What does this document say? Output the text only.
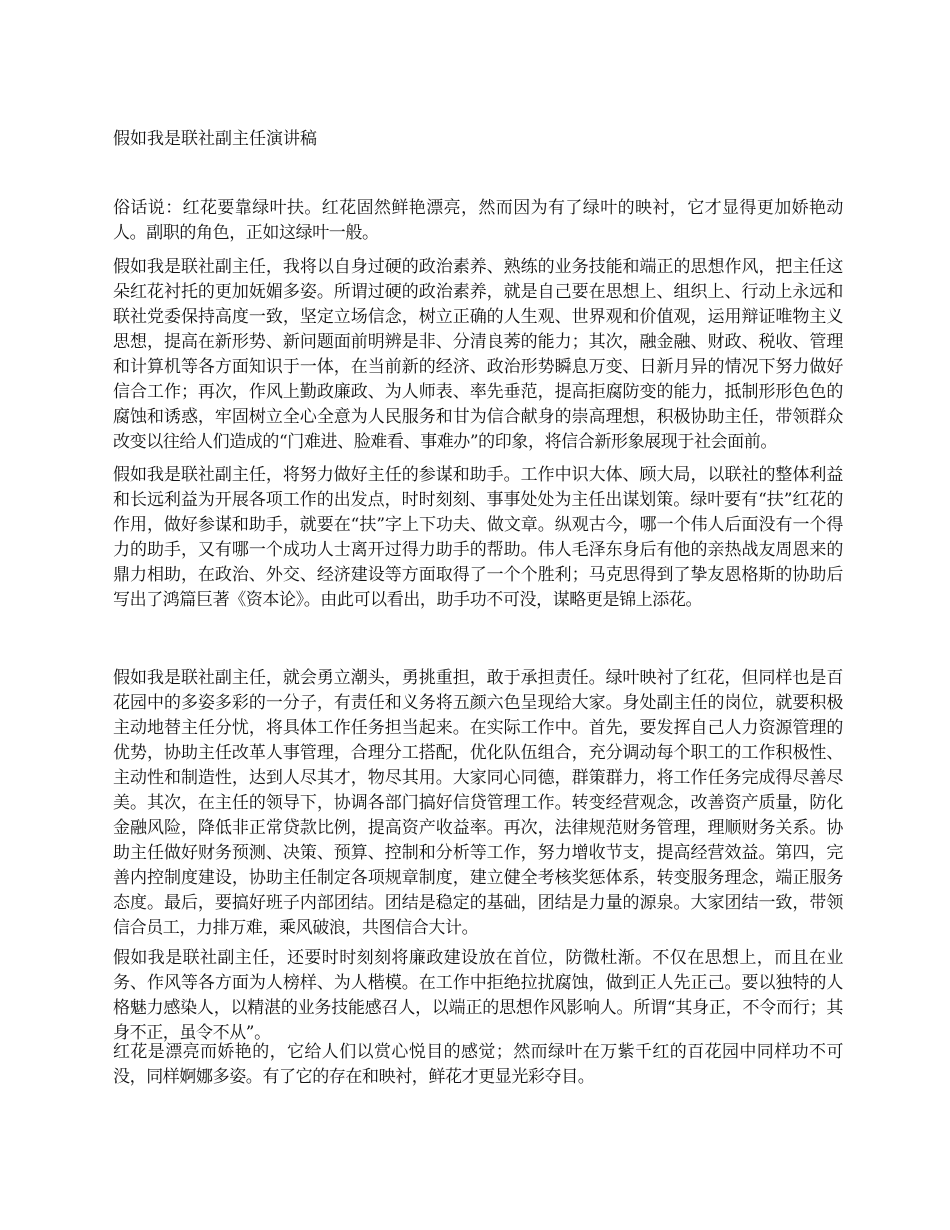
假如我是联社副主任演讲稿

俗话说：红花要靠绿叶扶。红花固然鲜艳漂亮，然而因为有了绿叶的映衬，它才显得更加娇艳动人。副职的角色，正如这绿叶一般。

假如我是联社副主任，我将以自身过硬的政治素养、熟练的业务技能和端正的思想作风，把主任这朵红花衬托的更加妩媚多姿。所谓过硬的政治素养，就是自己要在思想上、组织上、行动上永远和联社党委保持高度一致，坚定立场信念，树立正确的人生观、世界观和价值观，运用辩证唯物主义思想，提高在新形势、新问题面前明辨是非、分清良莠的能力；其次，融金融、财政、税收、管理和计算机等各方面知识于一体，在当前新的经济、政治形势瞬息万变、日新月异的情况下努力做好信合工作；再次，作风上勤政廉政、为人师表、率先垂范，提高拒腐防变的能力，抵制形形色色的腐蚀和诱惑，牢固树立全心全意为人民服务和甘为信合献身的崇高理想，积极协助主任，带领群众改变以往给人们造成的“门难进、脸难看、事难办”的印象，将信合新形象展现于社会面前。

假如我是联社副主任，将努力做好主任的参谋和助手。工作中识大体、顾大局，以联社的整体利益和长远利益为开展各项工作的出发点，时时刻刻、事事处处为主任出谋划策。绿叶要有“扶”红花的作用，做好参谋和助手，就要在“扶”字上下功夫、做文章。纵观古今，哪一个伟人后面没有一个得力的助手，又有哪一个成功人士离开过得力助手的帮助。伟人毛泽东身后有他的亲热战友周恩来的鼎力相助，在政治、外交、经济建设等方面取得了一个个胜利；马克思得到了挚友恩格斯的协助后写出了鸿篇巨著《资本论》。由此可以看出，助手功不可没，谋略更是锦上添花。

假如我是联社副主任，就会勇立潮头，勇挑重担，敢于承担责任。绿叶映衬了红花，但同样也是百花园中的多姿多彩的一分子，有责任和义务将五颜六色呈现给大家。身处副主任的岗位，就要积极主动地替主任分忧，将具体工作任务担当起来。在实际工作中。首先，要发挥自己人力资源管理的优势，协助主任改革人事管理，合理分工搭配，优化队伍组合，充分调动每个职工的工作积极性、主动性和制造性，达到人尽其才，物尽其用。大家同心同德，群策群力，将工作任务完成得尽善尽美。其次，在主任的领导下，协调各部门搞好信贷管理工作。转变经营观念，改善资产质量，防化金融风险，降低非正常贷款比例，提高资产收益率。再次，法律规范财务管理，理顺财务关系。协助主任做好财务预测、决策、预算、控制和分析等工作，努力增收节支，提高经营效益。第四，完善内控制度建设，协助主任制定各项规章制度，建立健全考核奖惩体系，转变服务理念，端正服务态度。最后，要搞好班子内部团结。团结是稳定的基础，团结是力量的源泉。大家团结一致，带领信合员工，力排万难，乘风破浪，共图信合大计。

假如我是联社副主任，还要时时刻刻将廉政建设放在首位，防微杜渐。不仅在思想上，而且在业务、作风等各方面为人榜样、为人楷模。在工作中拒绝拉扰腐蚀，做到正人先正己。要以独特的人格魅力感染人，以精湛的业务技能感召人，以端正的思想作风影响人。所谓“其身正，不令而行；其身不正，虽令不从”。

红花是漂亮而娇艳的，它给人们以赏心悦目的感觉；然而绿叶在万紫千红的百花园中同样功不可没，同样婀娜多姿。有了它的存在和映衬，鲜花才更显光彩夺目。
